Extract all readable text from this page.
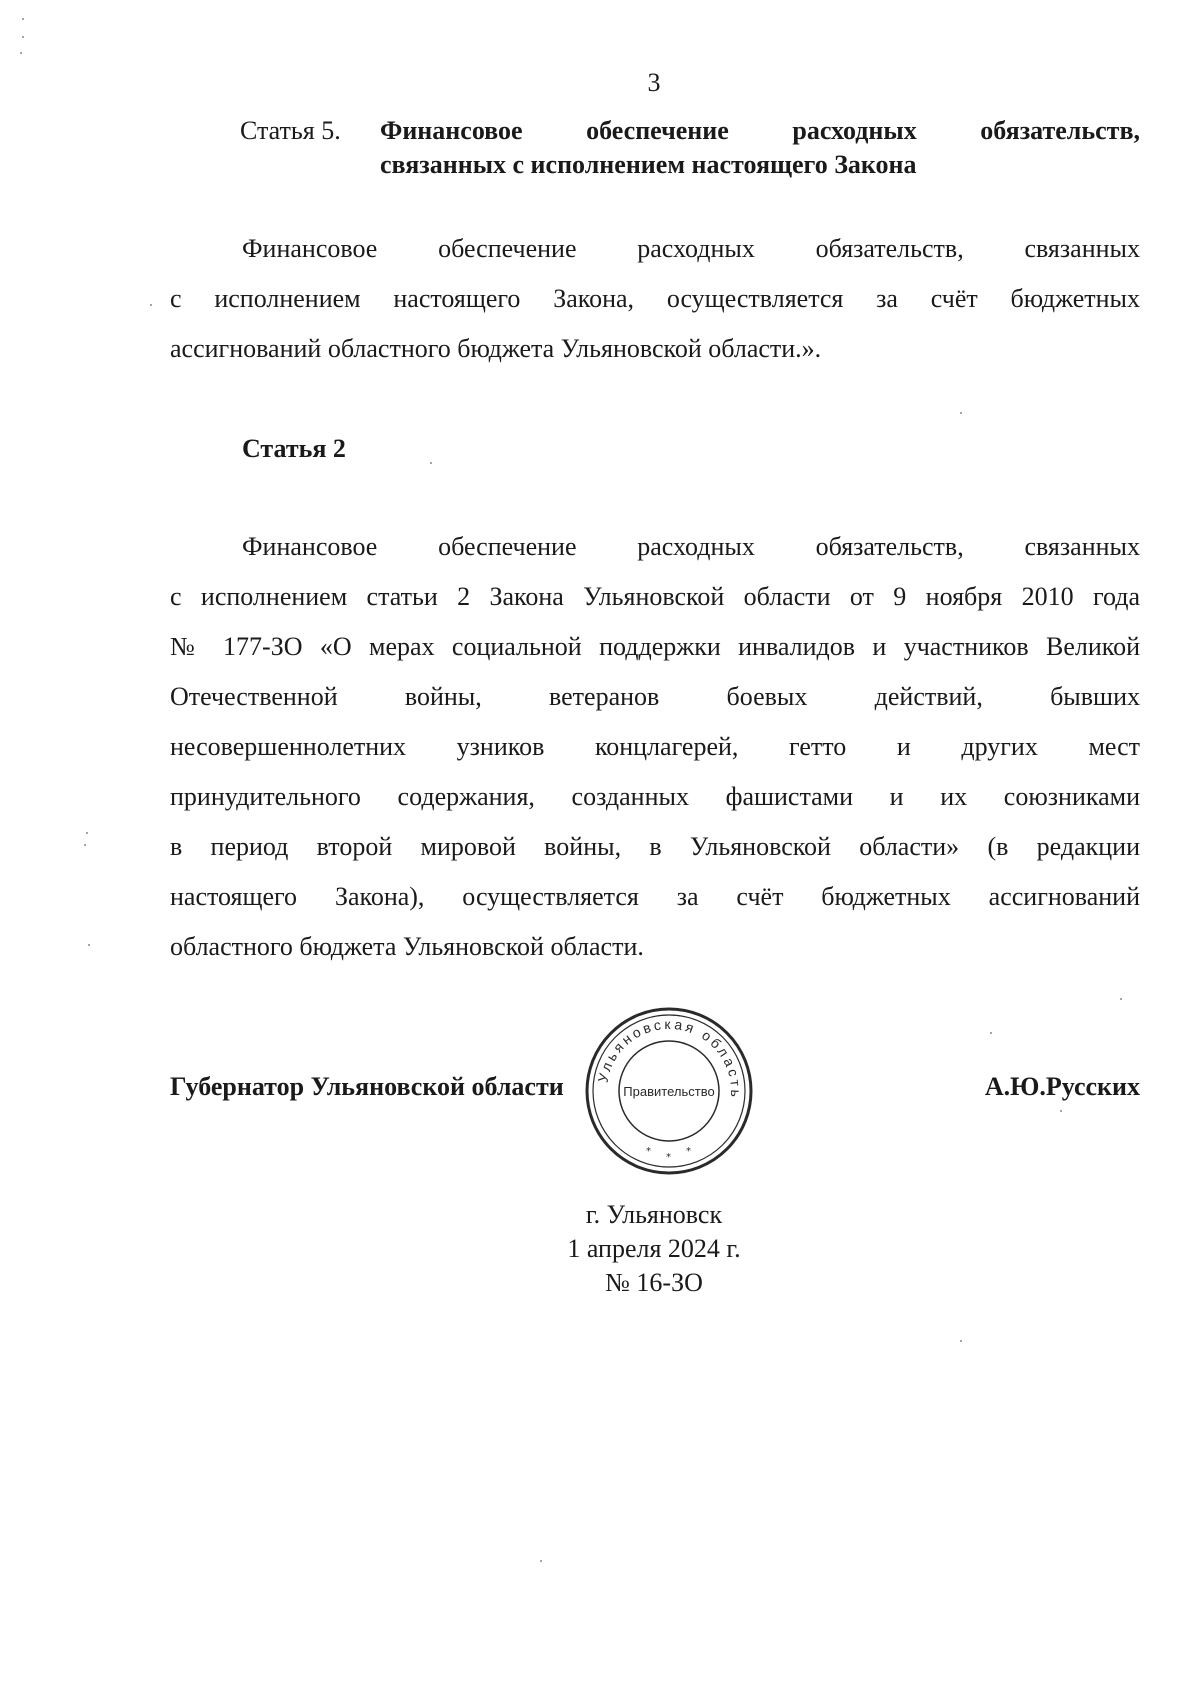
3
Статья 5. Финансовое обеспечение расходных обязательств,
связанных с исполнением настоящего Закона
Финансовое обеспечение расходных обязательств, связанных
с исполнением настоящего Закона, осуществляется за счёт бюджетных
ассигнований областного бюджета Ульяновской области.».
Статья 2
Финансовое обеспечение расходных обязательств, связанных
с исполнением статьи 2 Закона Ульяновской области от 9 ноября 2010 года
№ 177-ЗО «О мерах социальной поддержки инвалидов и участников Великой
Отечественной войны, ветеранов боевых действий, бывших
несовершеннолетних узников концлагерей, гетто и других мест
принудительного содержания, созданных фашистами и их союзниками
в период второй мировой войны, в Ульяновской области» (в редакции
настоящего Закона), осуществляется за счёт бюджетных ассигнований
областного бюджета Ульяновской области.
Губернатор Ульяновской области	А.Ю.Русских
Ульяновская область
Правительство
*
*
*
г. Ульяновск
1 апреля 2024 г.
№ 16-ЗО
